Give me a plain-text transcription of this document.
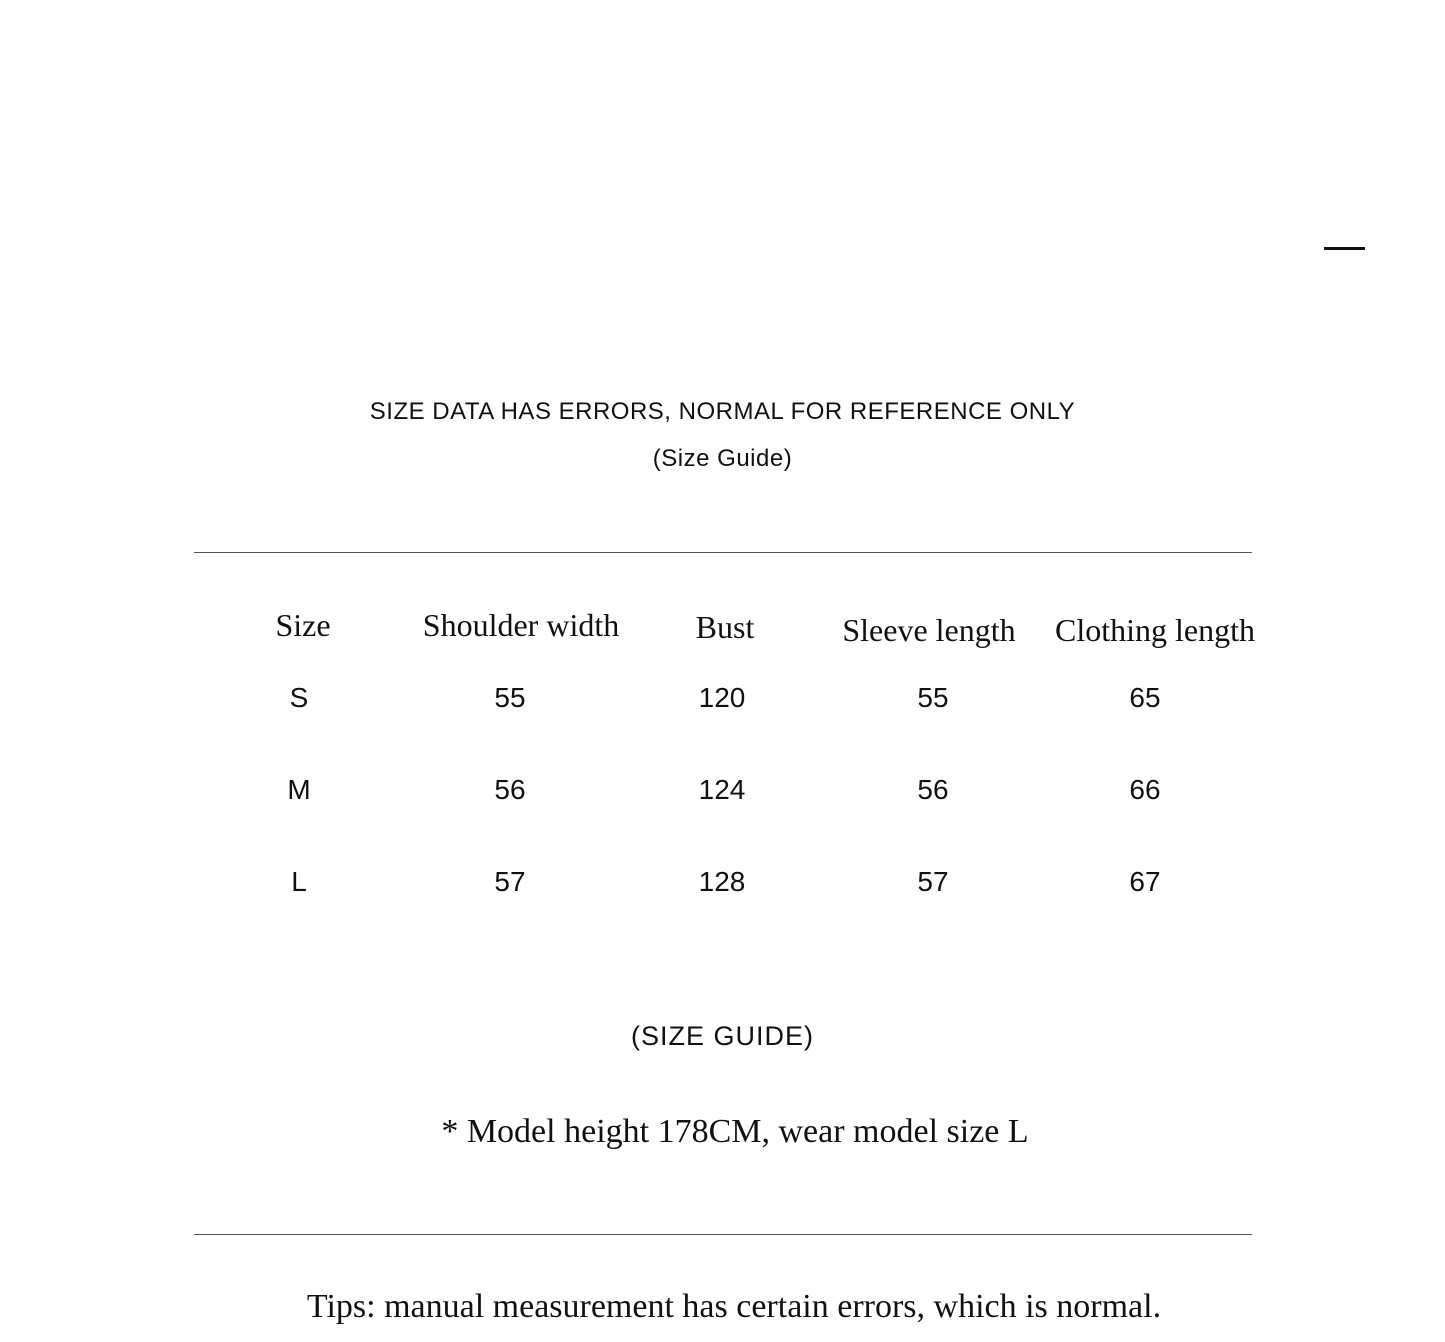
SIZE DATA HAS ERRORS, NORMAL FOR REFERENCE ONLY
(Size Guide)
Size	Shoulder width	Bust	Sleeve length	Clothing length
S	55	120	55	65
M	56	124	56	66
L	57	128	57	67
(SIZE GUIDE)
* Model height 178CM, wear model size L
Tips: manual measurement has certain errors, which is normal.
